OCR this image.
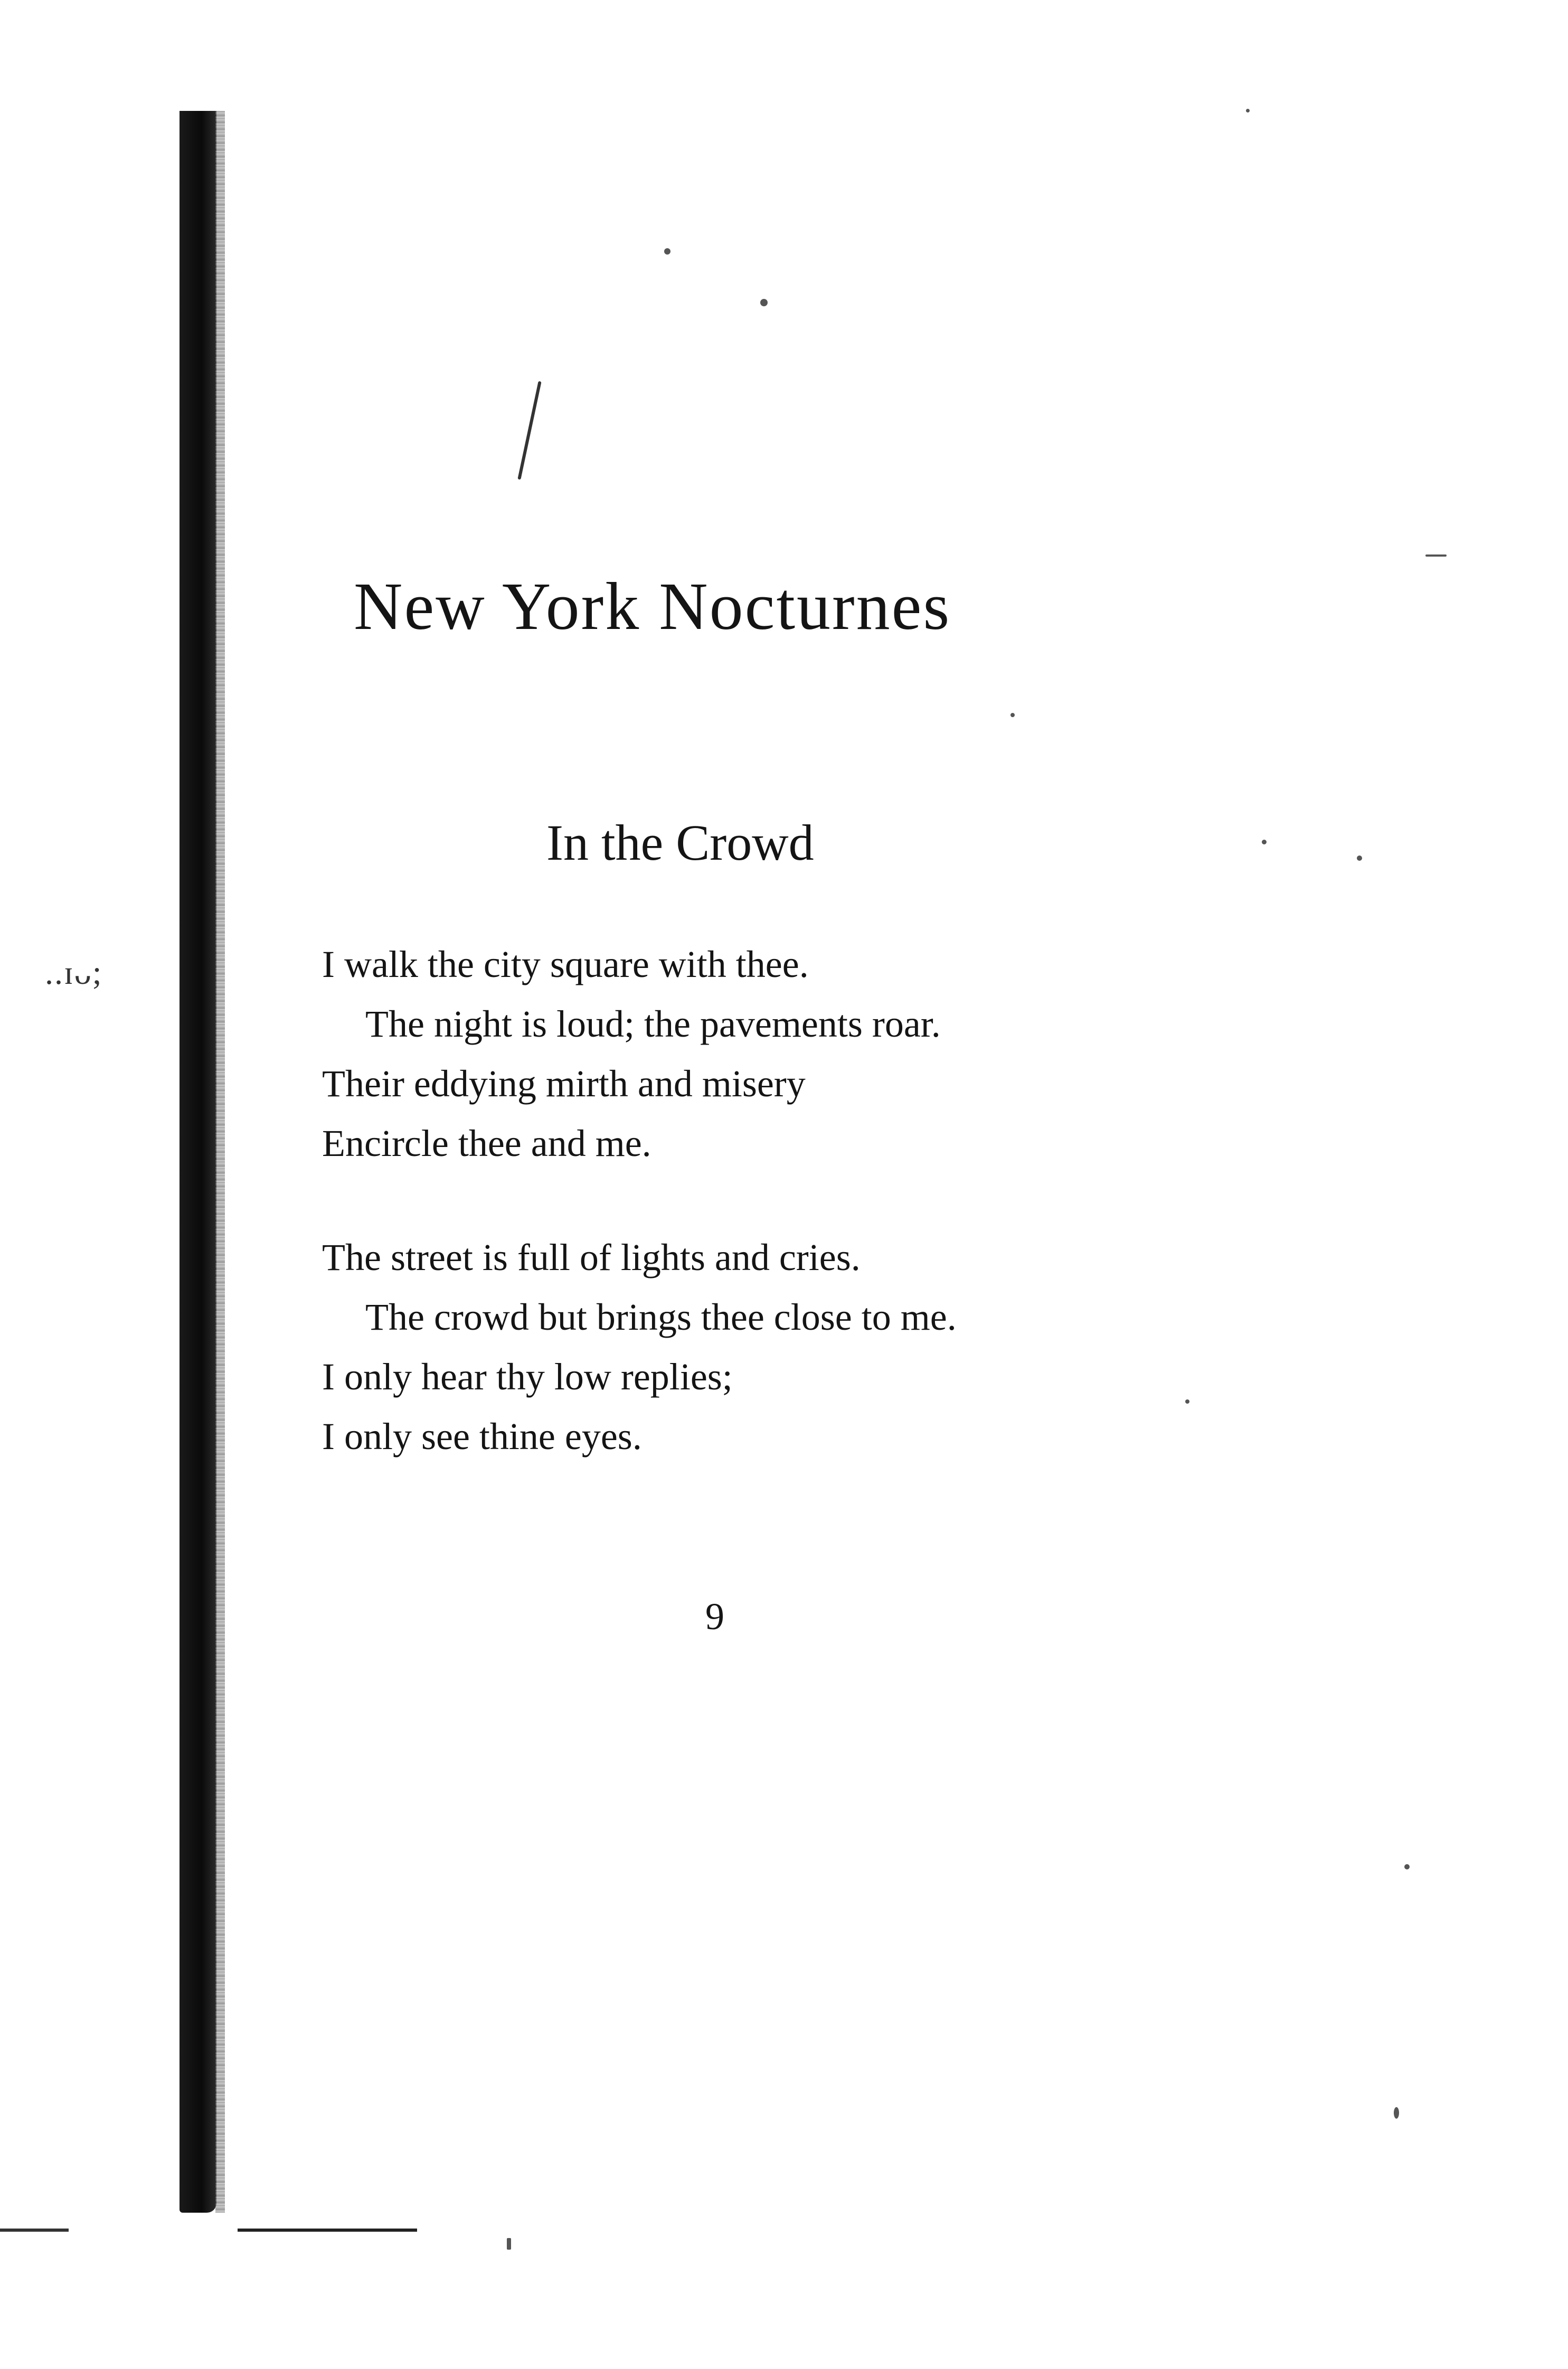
..ɪᴗ;
New York Nocturnes
In the Crowd
I walk the city square with thee.
The night is loud; the pavements roar.
Their eddying mirth and misery
Encircle thee and me.
The street is full of lights and cries.
The crowd but brings thee close to me.
I only hear thy low replies;
I only see thine eyes.

9
